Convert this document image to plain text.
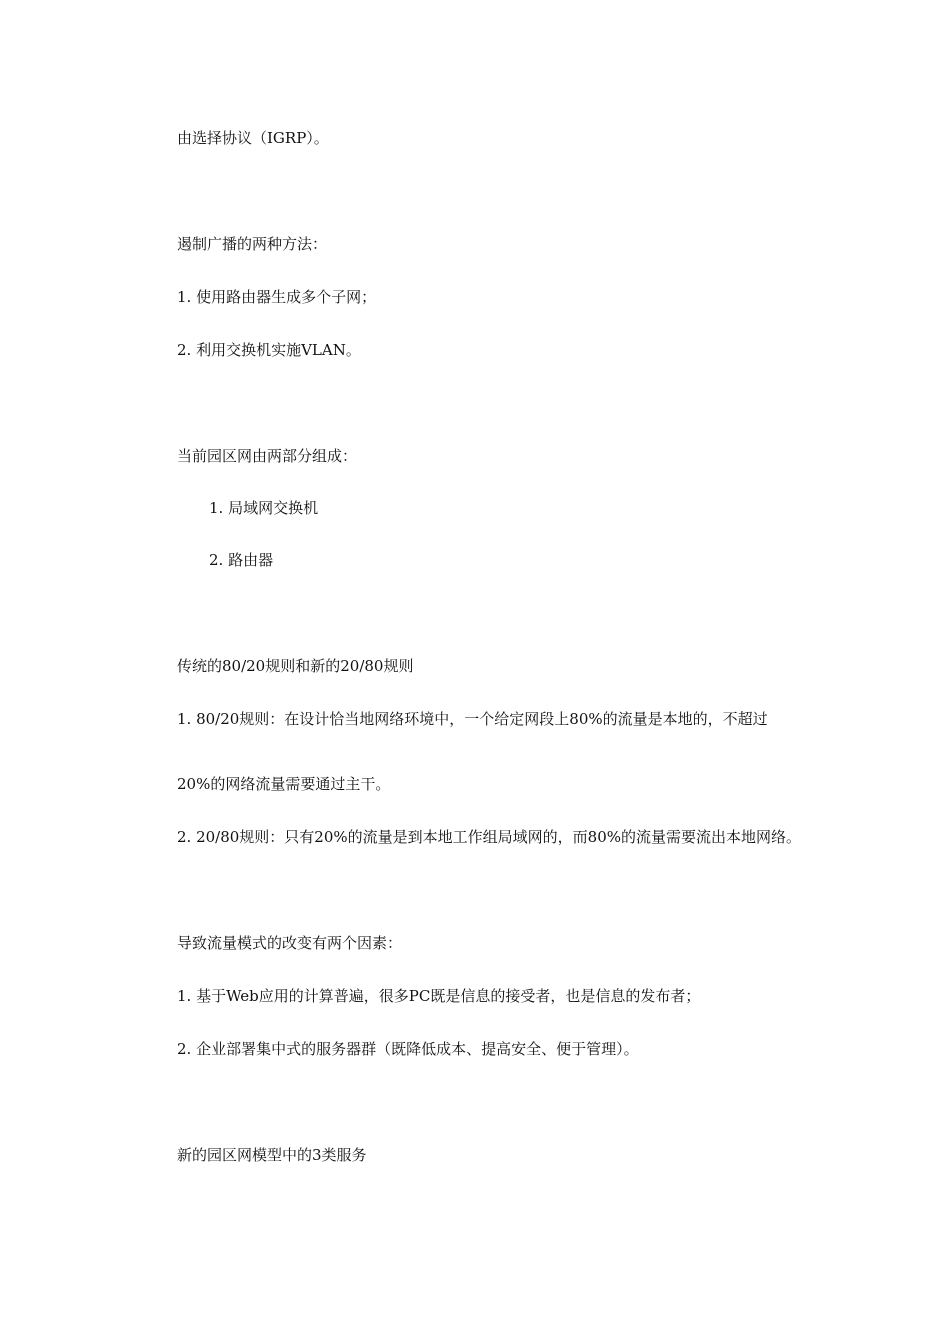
由选择协议（IGRP）。
遏制广播的两种方法：
1. 使用路由器生成多个子网；
2. 利用交换机实施VLAN。
当前园区网由两部分组成：
1. 局域网交换机
2. 路由器
传统的80/20规则和新的20/80规则
1. 80/20规则：在设计恰当地网络环境中，一个给定网段上80%的流量是本地的，不超过
20%的网络流量需要通过主干。
2. 20/80规则：只有20%的流量是到本地工作组局域网的，而80%的流量需要流出本地网络。
导致流量模式的改变有两个因素：
1. 基于Web应用的计算普遍，很多PC既是信息的接受者，也是信息的发布者；
2. 企业部署集中式的服务器群（既降低成本、提高安全、便于管理）。
新的园区网模型中的3类服务
